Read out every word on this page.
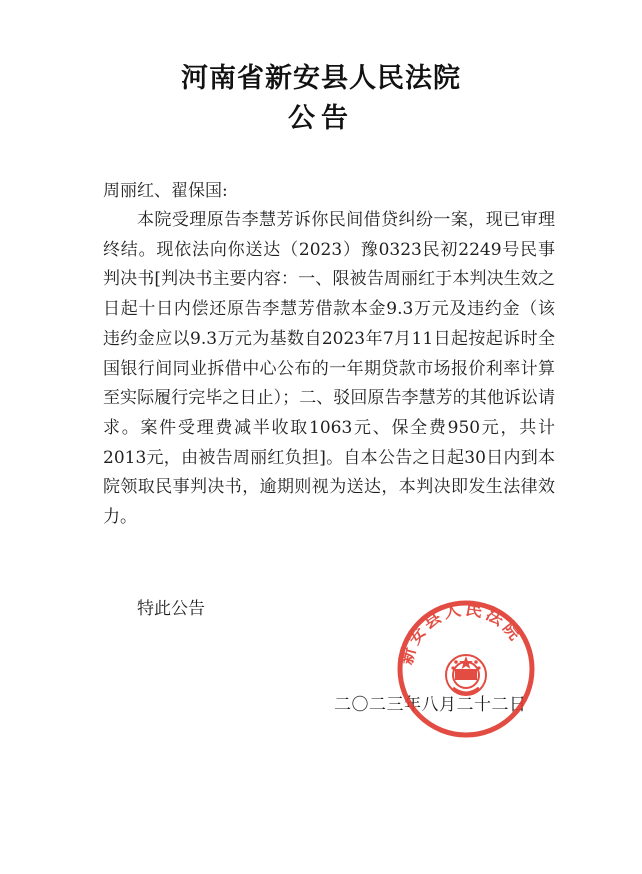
河南省新安县人民法院
公告
周丽红、翟保国:
本院受理原告李慧芳诉你民间借贷纠纷一案，现已审理终结。现依法向你送达（2023）豫0323民初2249号民事判决书[判决书主要内容：一、限被告周丽红于本判决生效之日起十日内偿还原告李慧芳借款本金9.3万元及违约金（该违约金应以9.3万元为基数自2023年7月11日起按起诉时全国银行间同业拆借中心公布的一年期贷款市场报价利率计算至实际履行完毕之日止）；二、驳回原告李慧芳的其他诉讼请求。案件受理费减半收取1063元、保全费950元，共计2013元，由被告周丽红负担]。自本公告之日起30日内到本院领取民事判决书，逾期则视为送达，本判决即发生法律效力。
特此公告
二〇二三年八月二十二日
新安县人民法院
